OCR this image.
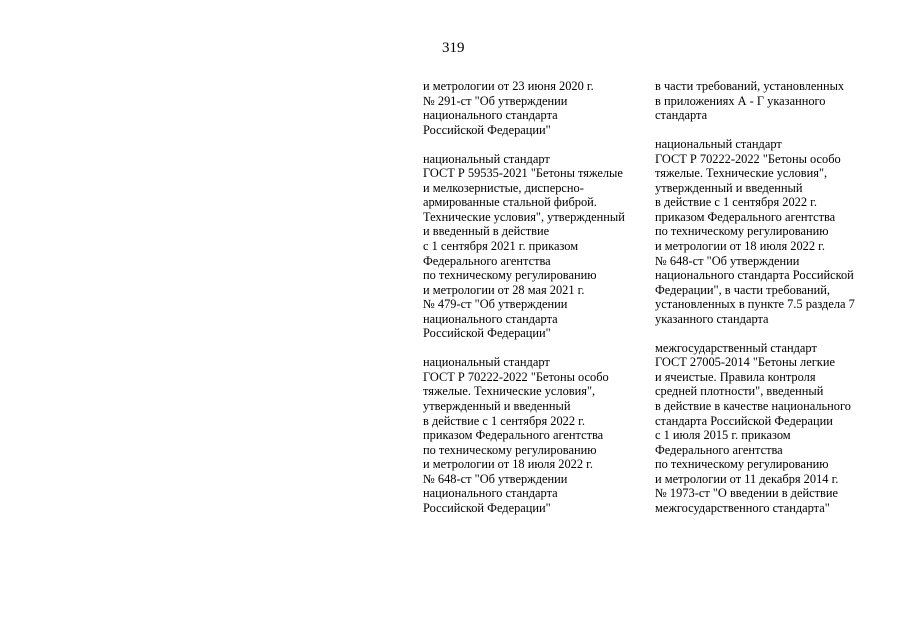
319
и метрологии от 23 июня 2020 г.
№ 291-ст "Об утверждении
национального стандарта
Российской Федерации"
национальный стандарт
ГОСТ Р 59535-2021 "Бетоны тяжелые
и мелкозернистые, дисперсно-
армированные стальной фиброй.
Технические условия", утвержденный
и введенный в действие
с 1 сентября 2021 г. приказом
Федерального агентства
по техническому регулированию
и метрологии от 28 мая 2021 г.
№ 479-ст "Об утверждении
национального стандарта
Российской Федерации"
национальный стандарт
ГОСТ Р 70222-2022 "Бетоны особо
тяжелые. Технические условия",
утвержденный и введенный
в действие с 1 сентября 2022 г.
приказом Федерального агентства
по техническому регулированию
и метрологии от 18 июля 2022 г.
№ 648-ст "Об утверждении
национального стандарта
Российской Федерации"
в части требований, установленных
в приложениях А - Г указанного
стандарта
национальный стандарт
ГОСТ Р 70222-2022 "Бетоны особо
тяжелые. Технические условия",
утвержденный и введенный
в действие с 1 сентября 2022 г.
приказом Федерального агентства
по техническому регулированию
и метрологии от 18 июля 2022 г.
№ 648-ст "Об утверждении
национального стандарта Российской
Федерации", в части требований,
установленных в пункте 7.5 раздела 7
указанного стандарта
межгосударственный стандарт
ГОСТ 27005-2014 "Бетоны легкие
и ячеистые. Правила контроля
средней плотности", введенный
в действие в качестве национального
стандарта Российской Федерации
с 1 июля 2015 г. приказом
Федерального агентства
по техническому регулированию
и метрологии от 11 декабря 2014 г.
№ 1973-ст "О введении в действие
межгосударственного стандарта"
